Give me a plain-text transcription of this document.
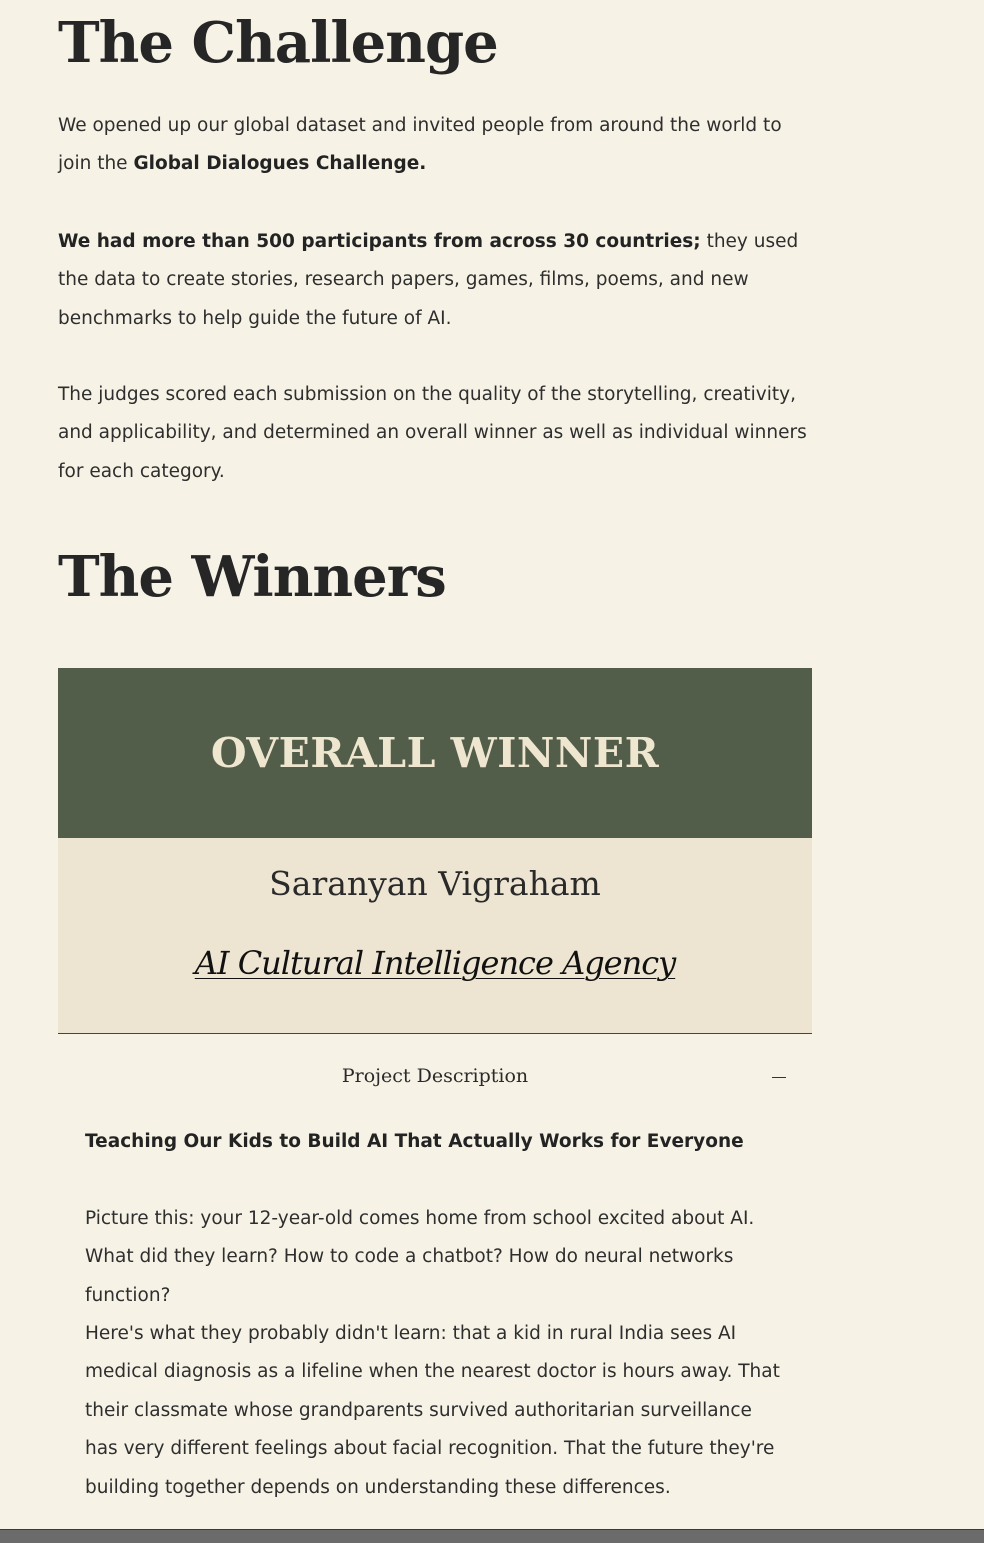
The Challenge

We opened up our global dataset and invited people from around the world to join the Global Dialogues Challenge.

We had more than 500 participants from across 30 countries; they used the data to create stories, research papers, games, films, poems, and new benchmarks to help guide the future of AI.

The judges scored each submission on the quality of the storytelling, creativity, and applicability, and determined an overall winner as well as individual winners for each category.

The Winners
OVERALL WINNER
Saranyan Vigraham
AI Cultural Intelligence Agency
Project Description

Teaching Our Kids to Build AI That Actually Works for Everyone

Picture this: your 12-year-old comes home from school excited about AI. What did they learn? How to code a chatbot? How do neural networks function?

Here's what they probably didn't learn: that a kid in rural India sees AI medical diagnosis as a lifeline when the nearest doctor is hours away. That their classmate whose grandparents survived authoritarian surveillance has very different feelings about facial recognition. That the future they're building together depends on understanding these differences.
